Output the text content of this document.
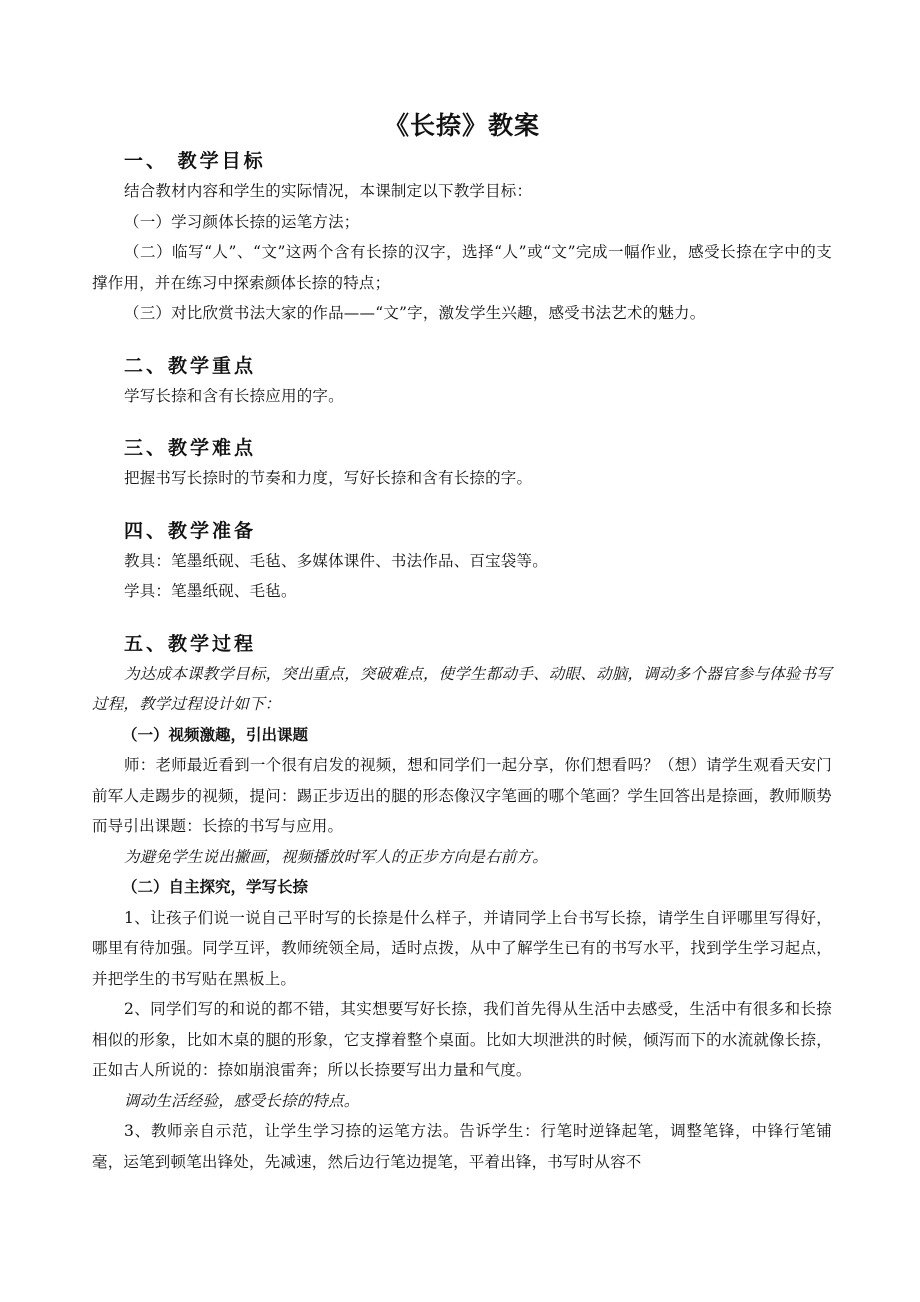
《长捺》教案
一、 教学目标

结合教材内容和学生的实际情况，本课制定以下教学目标：

（一）学习颜体长捺的运笔方法；

（二）临写“人”、“文”这两个含有长捺的汉字，选择“人”或“文”完成一幅作业，感受长捺在字中的支撑作用，并在练习中探索颜体长捺的特点；

（三）对比欣赏书法大家的作品——“文”字，激发学生兴趣，感受书法艺术的魅力。

二、教学重点

学写长捺和含有长捺应用的字。

三、教学难点

把握书写长捺时的节奏和力度，写好长捺和含有长捺的字。

四、教学准备

教具：笔墨纸砚、毛毡、多媒体课件、书法作品、百宝袋等。

学具：笔墨纸砚、毛毡。

五、教学过程

为达成本课教学目标，突出重点，突破难点，使学生都动手、动眼、动脑，调动多个器官参与体验书写过程，教学过程设计如下：

（一）视频激趣，引出课题

师：老师最近看到一个很有启发的视频，想和同学们一起分享，你们想看吗？（想）请学生观看天安门前军人走踢步的视频，提问：踢正步迈出的腿的形态像汉字笔画的哪个笔画？学生回答出是捺画，教师顺势而导引出课题：长捺的书写与应用。

为避免学生说出撇画，视频播放时军人的正步方向是右前方。

（二）自主探究，学写长捺

1、让孩子们说一说自己平时写的长捺是什么样子，并请同学上台书写长捺，请学生自评哪里写得好，哪里有待加强。同学互评，教师统领全局，适时点拨，从中了解学生已有的书写水平，找到学生学习起点，并把学生的书写贴在黑板上。

2、同学们写的和说的都不错，其实想要写好长捺，我们首先得从生活中去感受，生活中有很多和长捺相似的形象，比如木桌的腿的形象，它支撑着整个桌面。比如大坝泄洪的时候，倾泻而下的水流就像长捺，正如古人所说的：捺如崩浪雷奔；所以长捺要写出力量和气度。

调动生活经验，感受长捺的特点。

3、教师亲自示范，让学生学习捺的运笔方法。告诉学生：行笔时逆锋起笔，调整笔锋，中锋行笔铺毫，运笔到顿笔出锋处，先减速，然后边行笔边提笔，平着出锋，书写时从容不
